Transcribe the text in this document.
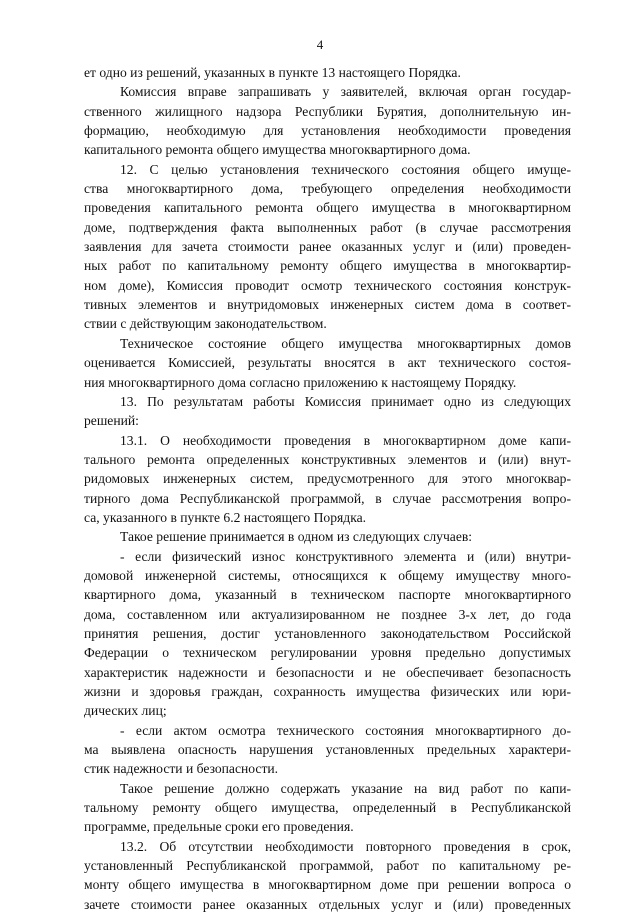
4
ет одно из решений, указанных в пункте 13 настоящего Порядка.
Комиссия вправе запрашивать у заявителей, включая орган государ-
ственного жилищного надзора Республики Бурятия, дополнительную ин-
формацию, необходимую для установления необходимости проведения
капитального ремонта общего имущества многоквартирного дома.
12. С целью установления технического состояния общего имуще-
ства многоквартирного дома, требующего определения необходимости
проведения капитального ремонта общего имущества в многоквартирном
доме, подтверждения факта выполненных работ (в случае рассмотрения
заявления для зачета стоимости ранее оказанных услуг и (или) проведен-
ных работ по капитальному ремонту общего имущества в многоквартир-
ном доме), Комиссия проводит осмотр технического состояния конструк-
тивных элементов и внутридомовых инженерных систем дома в соответ-
ствии с действующим законодательством.
Техническое состояние общего имущества многоквартирных домов
оценивается Комиссией, результаты вносятся в акт технического состоя-
ния многоквартирного дома согласно приложению к настоящему Порядку.
13. По результатам работы Комиссия принимает одно из следующих
решений:
13.1. О необходимости проведения в многоквартирном доме капи-
тального ремонта определенных конструктивных элементов и (или) внут-
ридомовых инженерных систем, предусмотренного для этого многоквар-
тирного дома Республиканской программой, в случае рассмотрения вопро-
са, указанного в пункте 6.2 настоящего Порядка.
Такое решение принимается в одном из следующих случаев:
- если физический износ конструктивного элемента и (или) внутри-
домовой инженерной системы, относящихся к общему имуществу много-
квартирного дома, указанный в техническом паспорте многоквартирного
дома, составленном или актуализированном не позднее 3-х лет, до года
принятия решения, достиг установленного законодательством Российской
Федерации о техническом регулировании уровня предельно допустимых
характеристик надежности и безопасности и не обеспечивает безопасность
жизни и здоровья граждан, сохранность имущества физических или юри-
дических лиц;
- если актом осмотра технического состояния многоквартирного до-
ма выявлена опасность нарушения установленных предельных характери-
стик надежности и безопасности.
Такое решение должно содержать указание на вид работ по капи-
тальному ремонту общего имущества, определенный в Республиканской
программе, предельные сроки его проведения.
13.2. Об отсутствии необходимости повторного проведения в срок,
установленный Республиканской программой, работ по капитальному ре-
монту общего имущества в многоквартирном доме при решении вопроса о
зачете стоимости ранее оказанных отдельных услуг и (или) проведенных
